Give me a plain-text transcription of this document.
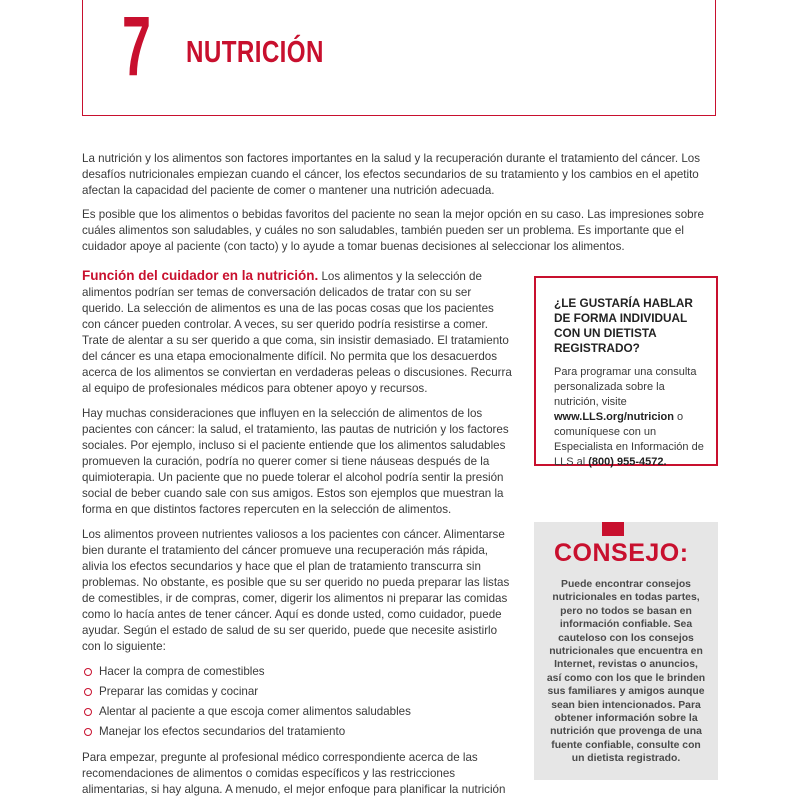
7 NUTRICIÓN

La nutrición y los alimentos son factores importantes en la salud y la recuperación durante el tratamiento del cáncer. Los desafíos nutricionales empiezan cuando el cáncer, los efectos secundarios de su tratamiento y los cambios en el apetito afectan la capacidad del paciente de comer o mantener una nutrición adecuada.

Es posible que los alimentos o bebidas favoritos del paciente no sean la mejor opción en su caso. Las impresiones sobre cuáles alimentos son saludables, y cuáles no son saludables, también pueden ser un problema. Es importante que el cuidador apoye al paciente (con tacto) y lo ayude a tomar buenas decisiones al seleccionar los alimentos.

Función del cuidador en la nutrición. Los alimentos y la selección de alimentos podrían ser temas de conversación delicados de tratar con su ser querido. La selección de alimentos es una de las pocas cosas que los pacientes con cáncer pueden controlar. A veces, su ser querido podría resistirse a comer. Trate de alentar a su ser querido a que coma, sin insistir demasiado. El tratamiento del cáncer es una etapa emocionalmente difícil. No permita que los desacuerdos acerca de los alimentos se conviertan en verdaderas peleas o discusiones. Recurra al equipo de profesionales médicos para obtener apoyo y recursos.

Hay muchas consideraciones que influyen en la selección de alimentos de los pacientes con cáncer: la salud, el tratamiento, las pautas de nutrición y los factores sociales. Por ejemplo, incluso si el paciente entiende que los alimentos saludables promueven la curación, podría no querer comer si tiene náuseas después de la quimioterapia. Un paciente que no puede tolerar el alcohol podría sentir la presión social de beber cuando sale con sus amigos. Estos son ejemplos que muestran la forma en que distintos factores repercuten en la selección de alimentos.

Los alimentos proveen nutrientes valiosos a los pacientes con cáncer. Alimentarse bien durante el tratamiento del cáncer promueve una recuperación más rápida, alivia los efectos secundarios y hace que el plan de tratamiento transcurra sin problemas. No obstante, es posible que su ser querido no pueda preparar las listas de comestibles, ir de compras, comer, digerir los alimentos ni preparar las comidas como lo hacía antes de tener cáncer. Aquí es donde usted, como cuidador, puede ayudar. Según el estado de salud de su ser querido, puede que necesite asistirlo con lo siguiente:

Hacer la compra de comestibles
Preparar las comidas y cocinar
Alentar al paciente a que escoja comer alimentos saludables
Manejar los efectos secundarios del tratamiento

Para empezar, pregunte al profesional médico correspondiente acerca de las recomendaciones de alimentos o comidas específicos y las restricciones alimentarias, si hay alguna. A menudo, el mejor enfoque para planificar la nutrición

¿LE GUSTARÍA HABLAR DE FORMA INDIVIDUAL CON UN DIETISTA REGISTRADO?

Para programar una consulta personalizada sobre la nutrición, visite www.LLS.org/nutricion o comuníquese con un Especialista en Información de LLS al (800) 955-4572.

CONSEJO:

Puede encontrar consejos nutricionales en todas partes, pero no todos se basan en información confiable. Sea cauteloso con los consejos nutricionales que encuentra en Internet, revistas o anuncios, así como con los que le brinden sus familiares y amigos aunque sean bien intencionados. Para obtener información sobre la nutrición que provenga de una fuente confiable, consulte con un dietista registrado.
